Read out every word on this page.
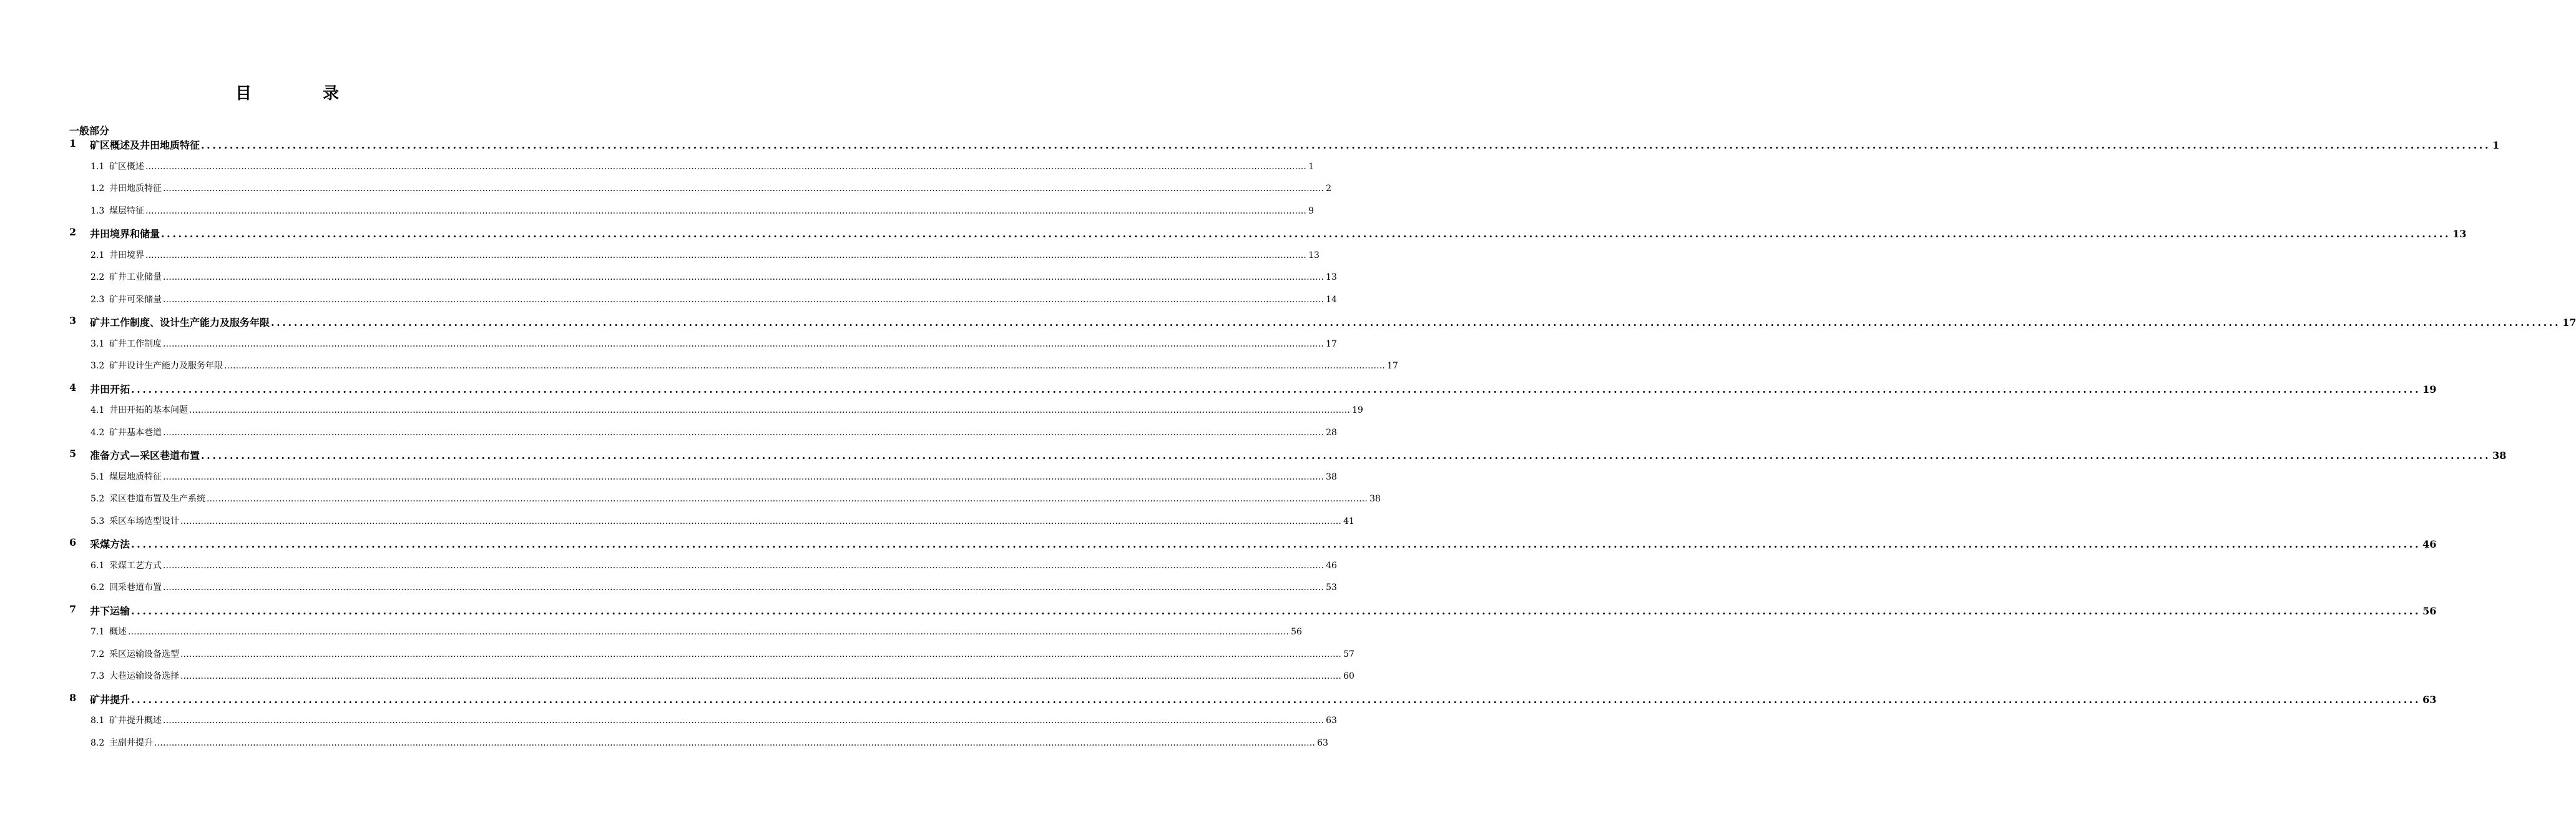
目　录
一般部分
1 矿区概述及井田地质特征 ................................................................................................................................................................................................................................................................................................................................................................................................................ 1
1.1 矿区概述 ................................................................................................................................................................................................................................................................................................................................................................................................................ 1
1.2 井田地质特征 ................................................................................................................................................................................................................................................................................................................................................................................................................ 2
1.3 煤层特征 ................................................................................................................................................................................................................................................................................................................................................................................................................ 9
2 井田境界和储量 ................................................................................................................................................................................................................................................................................................................................................................................................................ 13
2.1 井田境界 ................................................................................................................................................................................................................................................................................................................................................................................................................ 13
2.2 矿井工业储量 ................................................................................................................................................................................................................................................................................................................................................................................................................ 13
2.3 矿井可采储量 ................................................................................................................................................................................................................................................................................................................................................................................................................ 14
3 矿井工作制度、设计生产能力及服务年限 ................................................................................................................................................................................................................................................................................................................................................................................................................ 17
3.1 矿井工作制度 ................................................................................................................................................................................................................................................................................................................................................................................................................ 17
3.2 矿井设计生产能力及服务年限 ................................................................................................................................................................................................................................................................................................................................................................................................................ 17
4 井田开拓 ................................................................................................................................................................................................................................................................................................................................................................................................................ 19
4.1 井田开拓的基本问题 ................................................................................................................................................................................................................................................................................................................................................................................................................ 19
4.2 矿井基本巷道 ................................................................................................................................................................................................................................................................................................................................................................................................................ 28
5 准备方式—采区巷道布置 ................................................................................................................................................................................................................................................................................................................................................................................................................ 38
5.1 煤层地质特征 ................................................................................................................................................................................................................................................................................................................................................................................................................ 38
5.2 采区巷道布置及生产系统 ................................................................................................................................................................................................................................................................................................................................................................................................................ 38
5.3 采区车场选型设计 ................................................................................................................................................................................................................................................................................................................................................................................................................ 41
6 采煤方法 ................................................................................................................................................................................................................................................................................................................................................................................................................ 46
6.1 采煤工艺方式 ................................................................................................................................................................................................................................................................................................................................................................................................................ 46
6.2 回采巷道布置 ................................................................................................................................................................................................................................................................................................................................................................................................................ 53
7 井下运输 ................................................................................................................................................................................................................................................................................................................................................................................................................ 56
7.1 概述 ................................................................................................................................................................................................................................................................................................................................................................................................................ 56
7.2 采区运输设备选型 ................................................................................................................................................................................................................................................................................................................................................................................................................ 57
7.3 大巷运输设备选择 ................................................................................................................................................................................................................................................................................................................................................................................................................ 60
8 矿井提升 ................................................................................................................................................................................................................................................................................................................................................................................................................ 63
8.1 矿井提升概述 ................................................................................................................................................................................................................................................................................................................................................................................................................ 63
8.2 主副井提升 ................................................................................................................................................................................................................................................................................................................................................................................................................ 63
